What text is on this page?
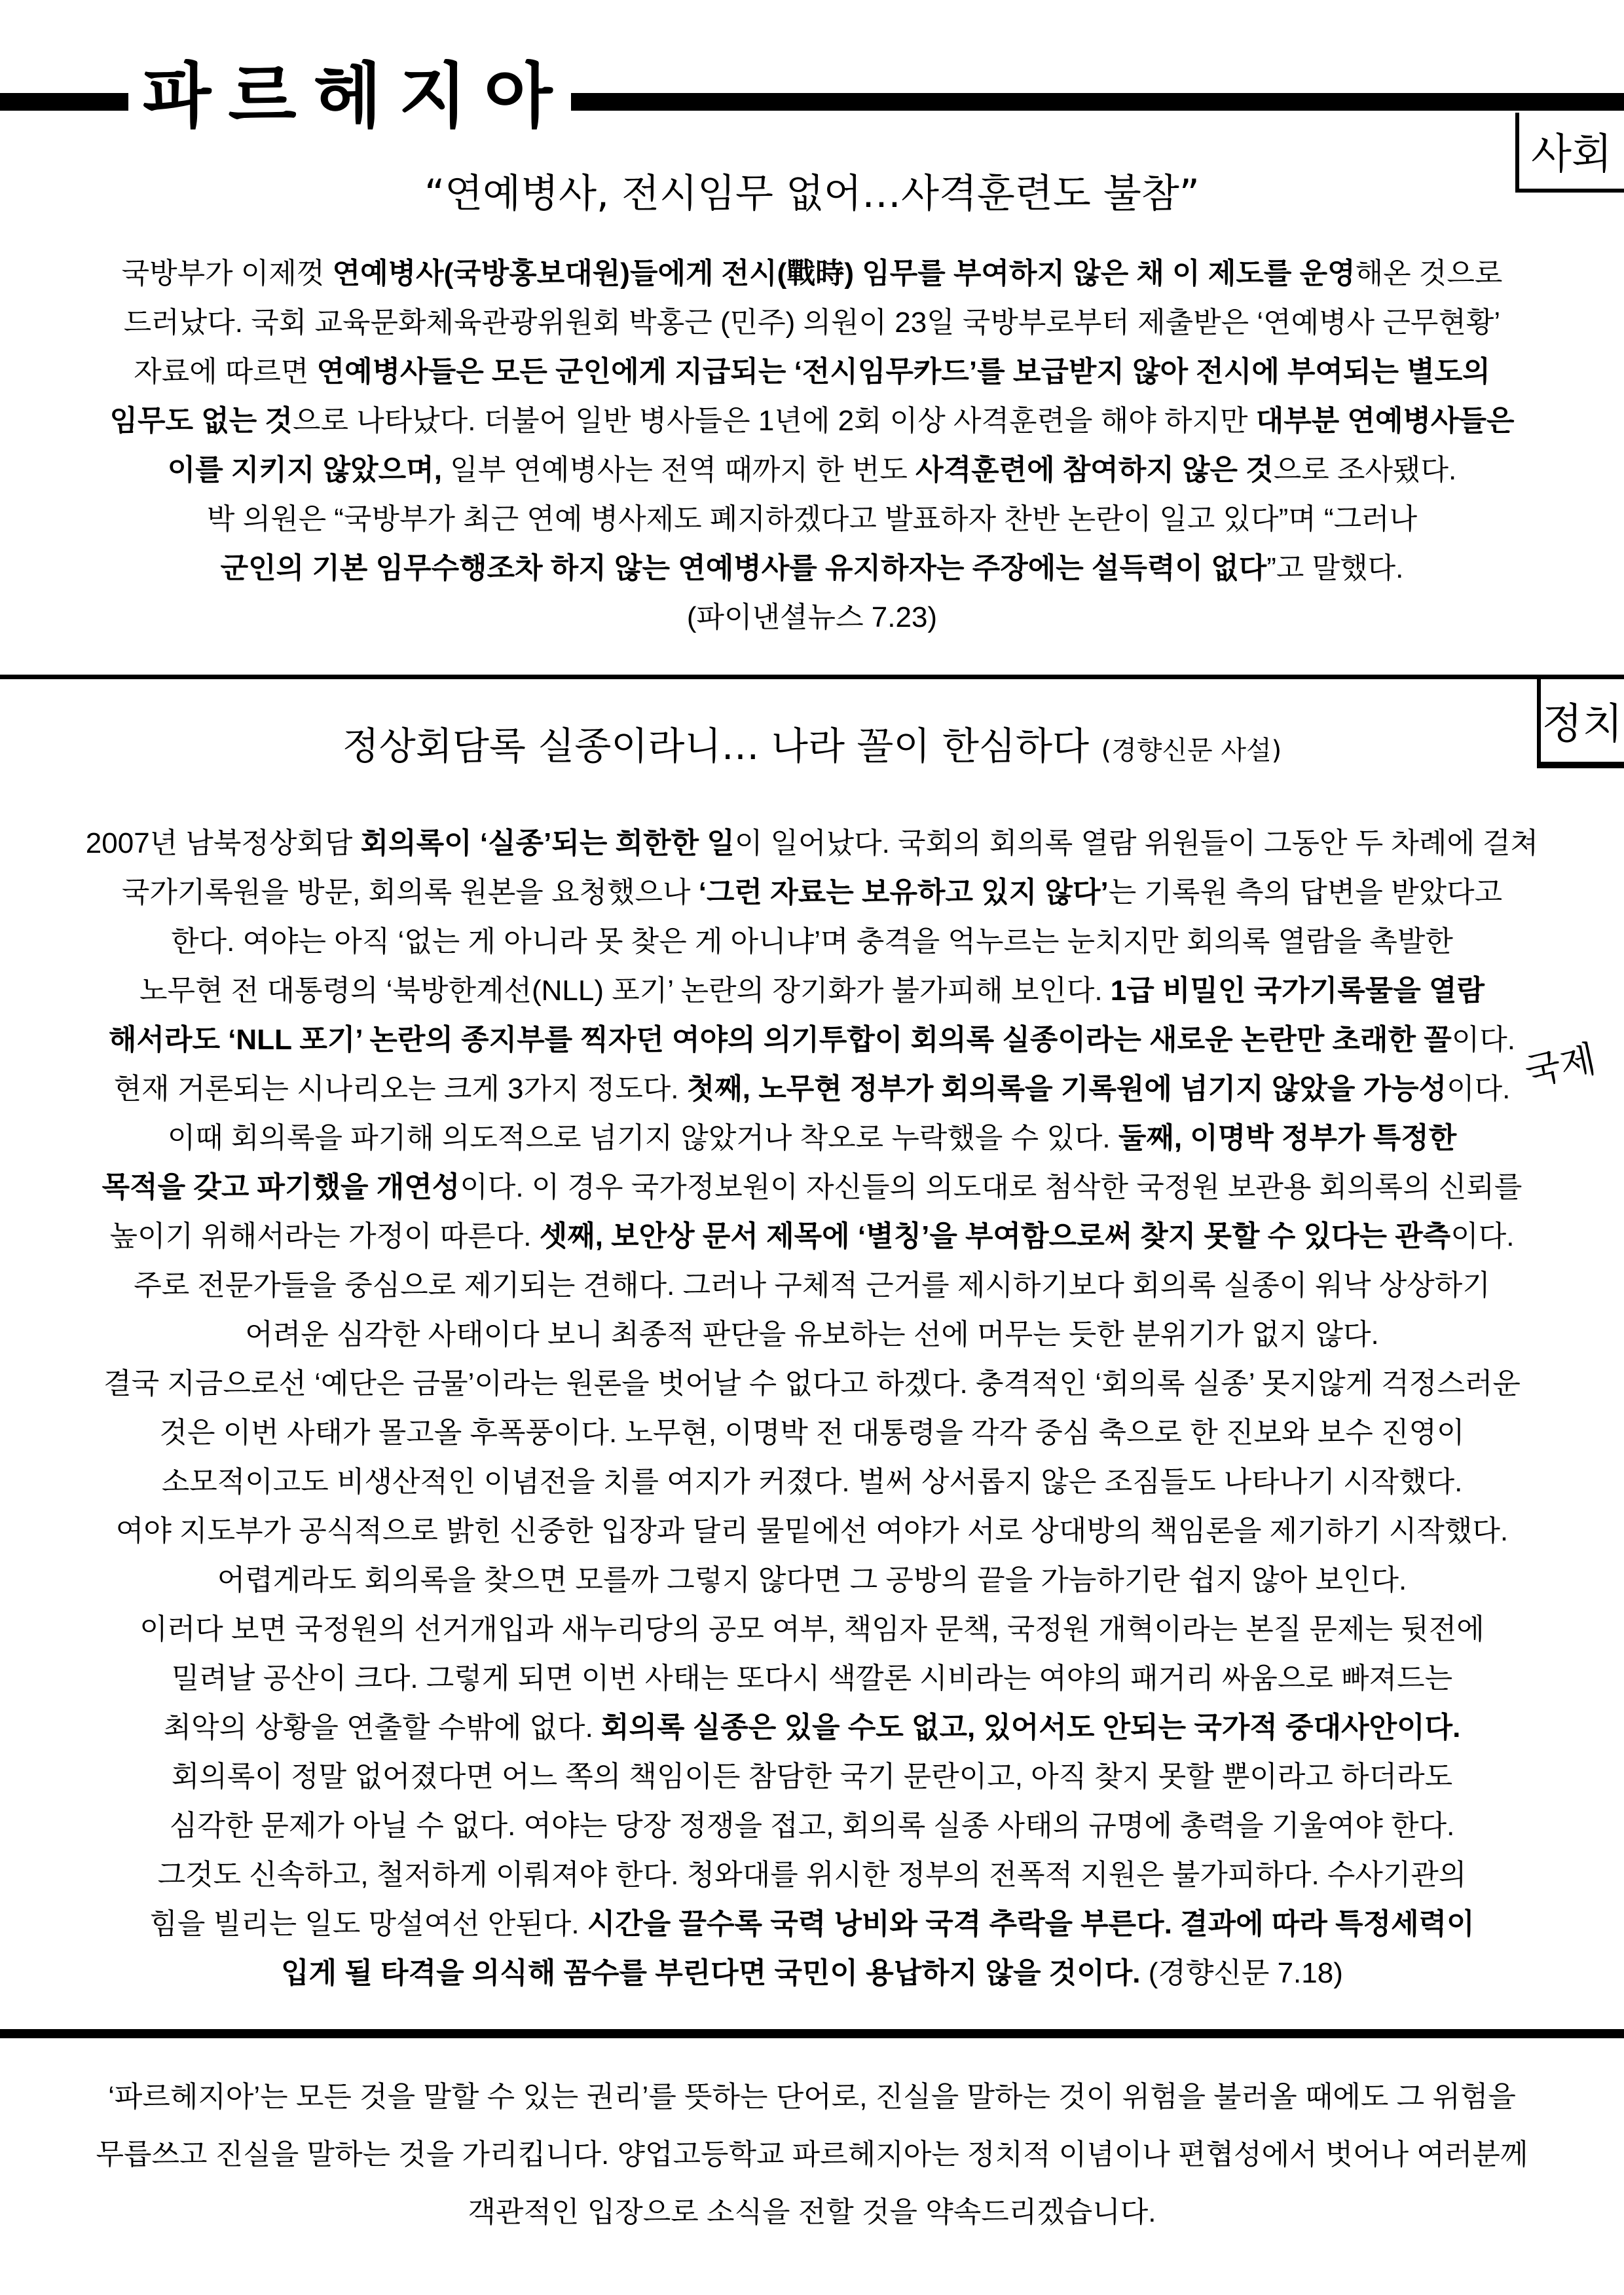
파르헤지아
사회
“연예병사, 전시임무 없어…사격훈련도 불참”
국방부가 이제껏 연예병사(국방홍보대원)들에게 전시(戰時) 임무를 부여하지 않은 채 이 제도를 운영해온 것으로
드러났다. 국회 교육문화체육관광위원회 박홍근 (민주) 의원이 23일 국방부로부터 제출받은 ‘연예병사 근무현황’
자료에 따르면 연예병사들은 모든 군인에게 지급되는 ‘전시임무카드’를 보급받지 않아 전시에 부여되는 별도의
임무도 없는 것으로 나타났다. 더불어 일반 병사들은 1년에 2회 이상 사격훈련을 해야 하지만 대부분 연예병사들은
이를 지키지 않았으며, 일부 연예병사는 전역 때까지 한 번도 사격훈련에 참여하지 않은 것으로 조사됐다.
박 의원은 “국방부가 최근 연예 병사제도 폐지하겠다고 발표하자 찬반 논란이 일고 있다”며 “그러나
군인의 기본 임무수행조차 하지 않는 연예병사를 유지하자는 주장에는 설득력이 없다”고 말했다.
(파이낸셜뉴스 7.23)
정치
정상회담록 실종이라니… 나라 꼴이 한심하다 (경향신문 사설)
2007년 남북정상회담 회의록이 ‘실종’되는 희한한 일이 일어났다. 국회의 회의록 열람 위원들이 그동안 두 차례에 걸쳐
국가기록원을 방문, 회의록 원본을 요청했으나 ‘그런 자료는 보유하고 있지 않다’는 기록원 측의 답변을 받았다고
한다. 여야는 아직 ‘없는 게 아니라 못 찾은 게 아니냐’며 충격을 억누르는 눈치지만 회의록 열람을 촉발한
노무현 전 대통령의 ‘북방한계선(NLL) 포기’ 논란의 장기화가 불가피해 보인다. 1급 비밀인 국가기록물을 열람
해서라도 ‘NLL 포기’ 논란의 종지부를 찍자던 여야의 의기투합이 회의록 실종이라는 새로운 논란만 초래한 꼴이다.
현재 거론되는 시나리오는 크게 3가지 정도다. 첫째, 노무현 정부가 회의록을 기록원에 넘기지 않았을 가능성이다.
이때 회의록을 파기해 의도적으로 넘기지 않았거나 착오로 누락했을 수 있다. 둘째, 이명박 정부가 특정한
목적을 갖고 파기했을 개연성이다. 이 경우 국가정보원이 자신들의 의도대로 첨삭한 국정원 보관용 회의록의 신뢰를
높이기 위해서라는 가정이 따른다. 셋째, 보안상 문서 제목에 ‘별칭’을 부여함으로써 찾지 못할 수 있다는 관측이다.
주로 전문가들을 중심으로 제기되는 견해다. 그러나 구체적 근거를 제시하기보다 회의록 실종이 워낙 상상하기
어려운 심각한 사태이다 보니 최종적 판단을 유보하는 선에 머무는 듯한 분위기가 없지 않다.
결국 지금으로선 ‘예단은 금물’이라는 원론을 벗어날 수 없다고 하겠다. 충격적인 ‘회의록 실종’ 못지않게 걱정스러운
것은 이번 사태가 몰고올 후폭풍이다. 노무현, 이명박 전 대통령을 각각 중심 축으로 한 진보와 보수 진영이
소모적이고도 비생산적인 이념전을 치를 여지가 커졌다. 벌써 상서롭지 않은 조짐들도 나타나기 시작했다.
여야 지도부가 공식적으로 밝힌 신중한 입장과 달리 물밑에선 여야가 서로 상대방의 책임론을 제기하기 시작했다.
어렵게라도 회의록을 찾으면 모를까 그렇지 않다면 그 공방의 끝을 가늠하기란 쉽지 않아 보인다.
이러다 보면 국정원의 선거개입과 새누리당의 공모 여부, 책임자 문책, 국정원 개혁이라는 본질 문제는 뒷전에
밀려날 공산이 크다. 그렇게 되면 이번 사태는 또다시 색깔론 시비라는 여야의 패거리 싸움으로 빠져드는
최악의 상황을 연출할 수밖에 없다. 회의록 실종은 있을 수도 없고, 있어서도 안되는 국가적 중대사안이다.
회의록이 정말 없어졌다면 어느 쪽의 책임이든 참담한 국기 문란이고, 아직 찾지 못할 뿐이라고 하더라도
심각한 문제가 아닐 수 없다. 여야는 당장 정쟁을 접고, 회의록 실종 사태의 규명에 총력을 기울여야 한다.
그것도 신속하고, 철저하게 이뤄져야 한다. 청와대를 위시한 정부의 전폭적 지원은 불가피하다. 수사기관의
힘을 빌리는 일도 망설여선 안된다. 시간을 끌수록 국력 낭비와 국격 추락을 부른다. 결과에 따라 특정세력이
입게 될 타격을 의식해 꼼수를 부린다면 국민이 용납하지 않을 것이다. (경향신문 7.18)
국제
‘파르헤지아’는 모든 것을 말할 수 있는 권리’를 뜻하는 단어로, 진실을 말하는 것이 위험을 불러올 때에도 그 위험을
무릅쓰고 진실을 말하는 것을 가리킵니다. 양업고등학교 파르헤지아는 정치적 이념이나 편협성에서 벗어나 여러분께
객관적인 입장으로 소식을 전할 것을 약속드리겠습니다.
